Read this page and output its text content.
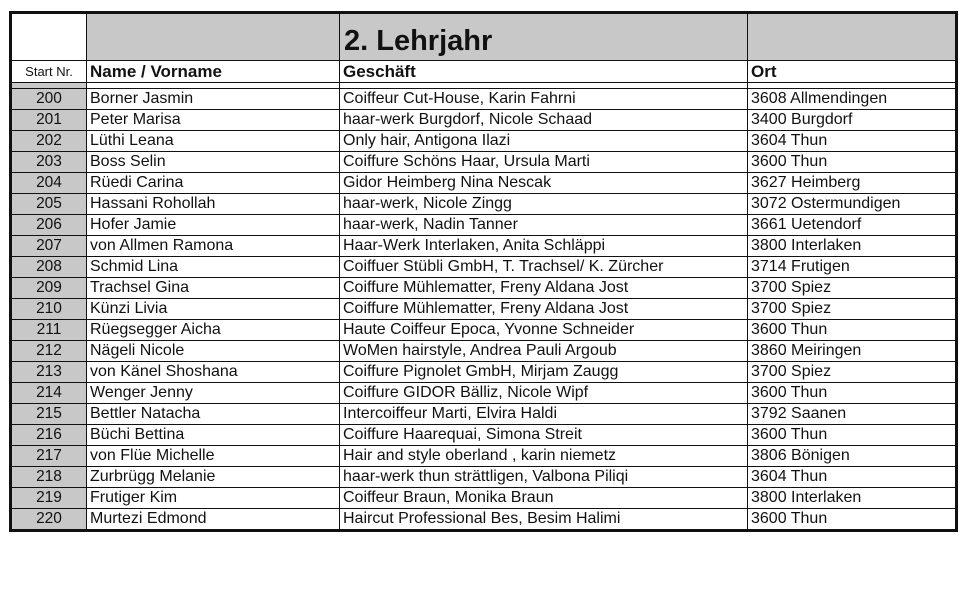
		2. Lehrjahr	
Start Nr.	Name / Vorname	Geschäft	Ort

200	Borner Jasmin	Coiffeur Cut-House, Karin Fahrni	3608 Allmendingen
201	Peter Marisa	haar-werk Burgdorf, Nicole Schaad	3400 Burgdorf
202	Lüthi Leana	Only hair, Antigona Ilazi	3604 Thun
203	Boss Selin	Coiffure Schöns Haar, Ursula Marti	3600 Thun
204	Rüedi Carina	Gidor Heimberg Nina Nescak	3627 Heimberg
205	Hassani Rohollah	haar-werk, Nicole Zingg	3072 Ostermundigen
206	Hofer Jamie	haar-werk, Nadin Tanner	3661 Uetendorf
207	von Allmen Ramona	Haar-Werk Interlaken, Anita Schläppi	3800 Interlaken
208	Schmid Lina	Coiffuer Stübli GmbH, T. Trachsel/ K. Zürcher	3714 Frutigen
209	Trachsel Gina	Coiffure Mühlematter, Freny Aldana Jost	3700 Spiez
210	Künzi Livia	Coiffure Mühlematter, Freny Aldana Jost	3700 Spiez
211	Rüegsegger Aicha	Haute Coiffeur Epoca, Yvonne Schneider	3600 Thun
212	Nägeli Nicole	WoMen hairstyle, Andrea Pauli Argoub	3860 Meiringen
213	von Känel Shoshana	Coiffure Pignolet GmbH, Mirjam Zaugg	3700 Spiez
214	Wenger Jenny	Coiffure GIDOR Bälliz, Nicole Wipf	3600 Thun
215	Bettler Natacha	Intercoiffeur Marti, Elvira Haldi	3792 Saanen
216	Büchi Bettina	Coiffure Haarequai, Simona Streit	3600 Thun
217	von Flüe Michelle	Hair and style oberland , karin niemetz	3806 Bönigen
218	Zurbrügg Melanie	haar-werk thun strättligen, Valbona Piliqi	3604 Thun
219	Frutiger Kim	Coiffeur Braun, Monika Braun	3800 Interlaken
220	Murtezi Edmond	Haircut Professional Bes, Besim Halimi	3600 Thun
